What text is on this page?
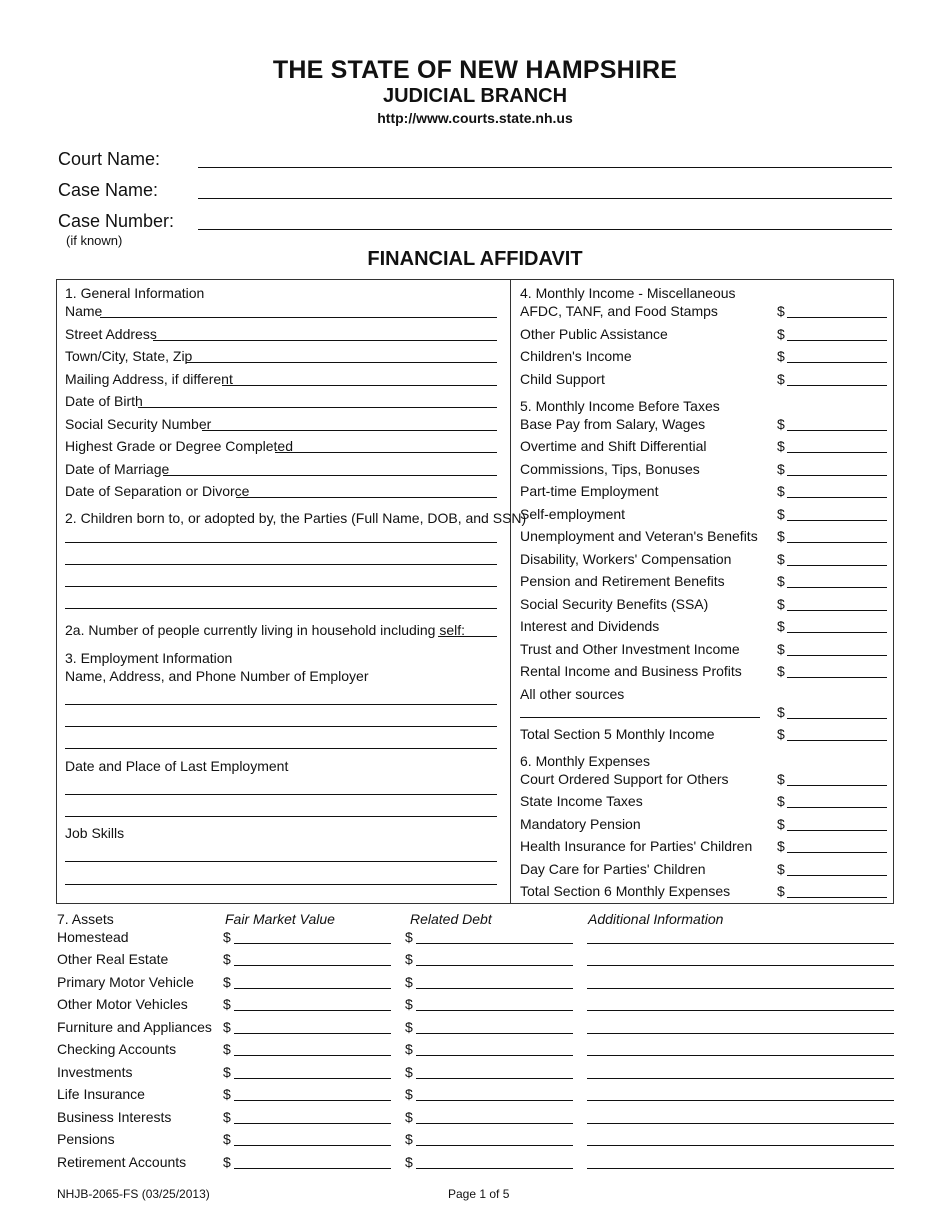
THE STATE OF NEW HAMPSHIRE
JUDICIAL BRANCH
http://www.courts.state.nh.us
Court Name:
Case Name:
Case Number:
(if known)
FINANCIAL AFFIDAVIT
1. General Information
Name
Street Address
Town/City, State, Zip
Mailing Address, if different
Date of Birth
Social Security Number
Highest Grade or Degree Completed
Date of Marriage
Date of Separation or Divorce
2. Children born to, or adopted by, the Parties (Full Name, DOB, and SSN)
2a. Number of people currently living in household including self:
3. Employment Information
Name, Address, and Phone Number of Employer
Date and Place of Last Employment
Job Skills
4. Monthly Income - Miscellaneous
AFDC, TANF, and Food Stamps	$
Other Public Assistance	$
Children's Income	$
Child Support	$
5. Monthly Income Before Taxes
Base Pay from Salary, Wages	$
Overtime and Shift Differential	$
Commissions, Tips, Bonuses	$
Part-time Employment	$
Self-employment	$
Unemployment and Veteran's Benefits $
Disability, Workers' Compensation	$
Pension and Retirement Benefits	$
Social Security Benefits (SSA)	$
Interest and Dividends	$
Trust and Other Investment Income	$
Rental Income and Business Profits	$
All other sources
$
Total Section 5 Monthly Income	$
6. Monthly Expenses
Court Ordered Support for Others	$
State Income Taxes	$
Mandatory Pension	$
Health Insurance for Parties' Children $
Day Care for Parties' Children	$
Total Section 6 Monthly Expenses	$
7. Assets	Fair Market Value	Related Debt	Additional Information
Homestead	$	$
Other Real Estate	$	$
Primary Motor Vehicle $	$
Other Motor Vehicles	$	$
Furniture and Appliances $	$
Checking Accounts	$	$
Investments	$	$
Life Insurance	$	$
Business Interests	$	$
Pensions	$	$
Retirement Accounts	$	$
NHJB-2065-FS (03/25/2013)	Page 1 of 5
